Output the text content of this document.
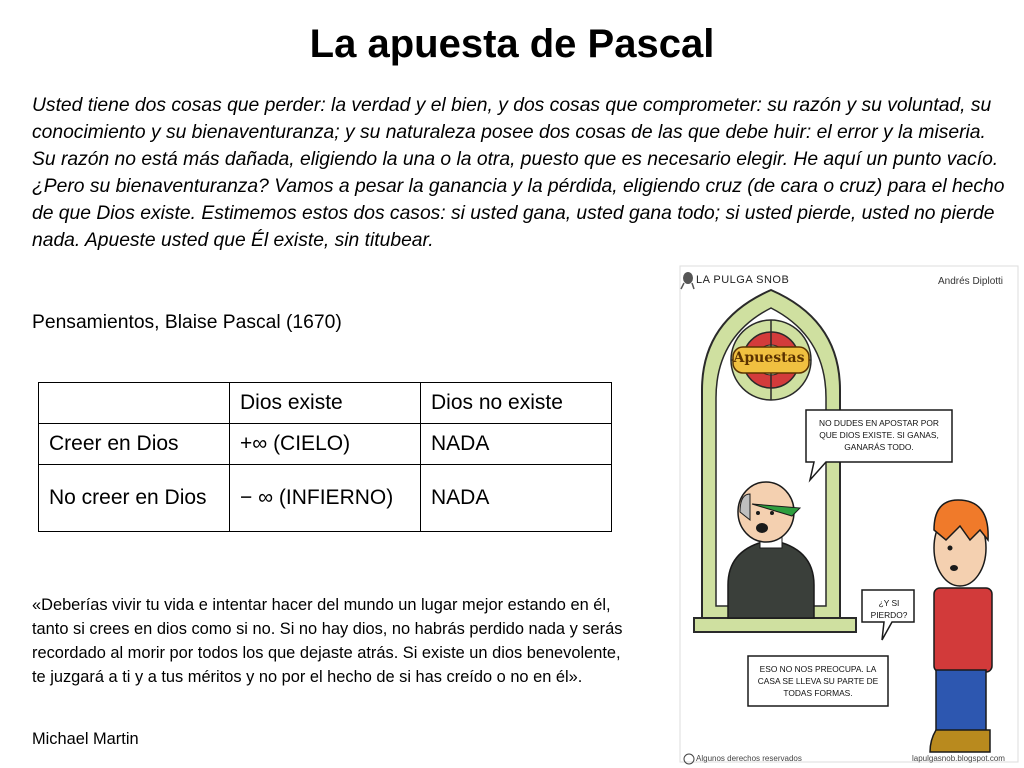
La apuesta de Pascal

Usted tiene dos cosas que perder: la verdad y el bien, y dos cosas que comprometer: su razón y su voluntad, su conocimiento y su bienaventuranza; y su naturaleza posee dos cosas de las que debe huir: el error y la miseria. Su razón no está más dañada, eligiendo la una o la otra, puesto que es necesario elegir. He aquí un punto vacío. ¿Pero su bienaventuranza? Vamos a pesar la ganancia y la pérdida, eligiendo cruz (de cara o cruz) para el hecho de que Dios existe. Estimemos estos dos casos: si usted gana, usted gana todo; si usted pierde, usted no pierde nada. Apueste usted que Él existe, sin titubear.

Pensamientos, Blaise Pascal (1670)

	Dios existe	Dios no existe
Creer en Dios	+∞ (CIELO)	NADA
No creer en Dios	− ∞ (INFIERNO)	NADA

«Deberías vivir tu vida e intentar hacer del mundo un lugar mejor estando en él, tanto si crees en dios como si no. Si no hay dios, no habrás perdido nada y serás recordado al morir por todos los que dejaste atrás. Si existe un dios benevolente, te juzgará a ti y a tus méritos y no por el hecho de si has creído o no en él».

Michael Martin

LA PULGA SNOB	Andrés Diplotti
Apuestas
NO DUDES EN APOSTAR POR QUE DIOS EXISTE. SI GANAS, GANARÁS TODO.
¿Y SI PIERDO?
ESO NO NOS PREOCUPA. LA CASA SE LLEVA SU PARTE DE TODAS FORMAS.
Algunos derechos reservados	lapulgasnob.blogspot.com
